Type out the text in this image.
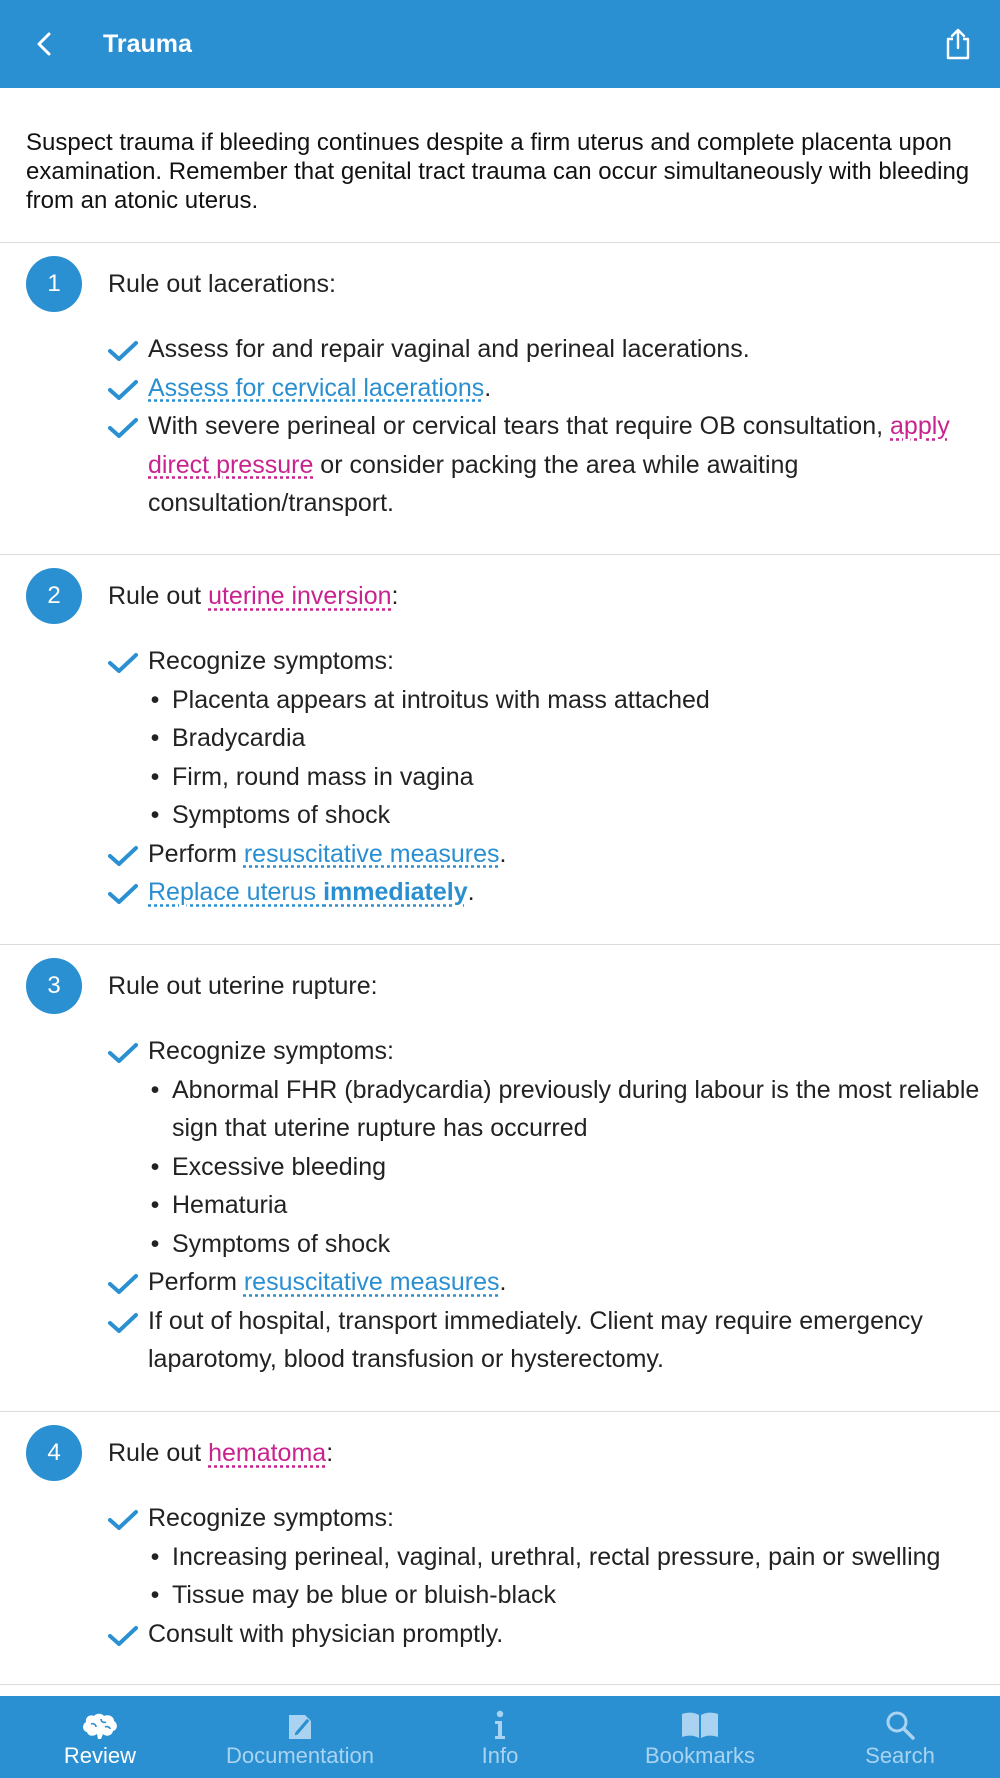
Trauma

Suspect trauma if bleeding continues despite a firm uterus and complete placenta upon examination. Remember that genital tract trauma can occur simultaneously with bleeding from an atonic uterus.

1	Rule out lacerations:
Assess for and repair vaginal and perineal lacerations.
Assess for cervical lacerations.
With severe perineal or cervical tears that require OB consultation, apply direct pressure or consider packing the area while awaiting consultation/transport.
2	Rule out uterine inversion:
Recognize symptoms:
• Placenta appears at introitus with mass attached
• Bradycardia
• Firm, round mass in vagina
• Symptoms of shock
Perform resuscitative measures.
Replace uterus immediately.
3	Rule out uterine rupture:
Recognize symptoms:
• Abnormal FHR (bradycardia) previously during labour is the most reliable sign that uterine rupture has occurred
• Excessive bleeding
• Hematuria
• Symptoms of shock
Perform resuscitative measures.
If out of hospital, transport immediately. Client may require emergency laparotomy, blood transfusion or hysterectomy.
4	Rule out hematoma:
Recognize symptoms:
• Increasing perineal, vaginal, urethral, rectal pressure, pain or swelling
• Tissue may be blue or bluish-black
Consult with physician promptly.
Review	Documentation	Info	Bookmarks	Search
